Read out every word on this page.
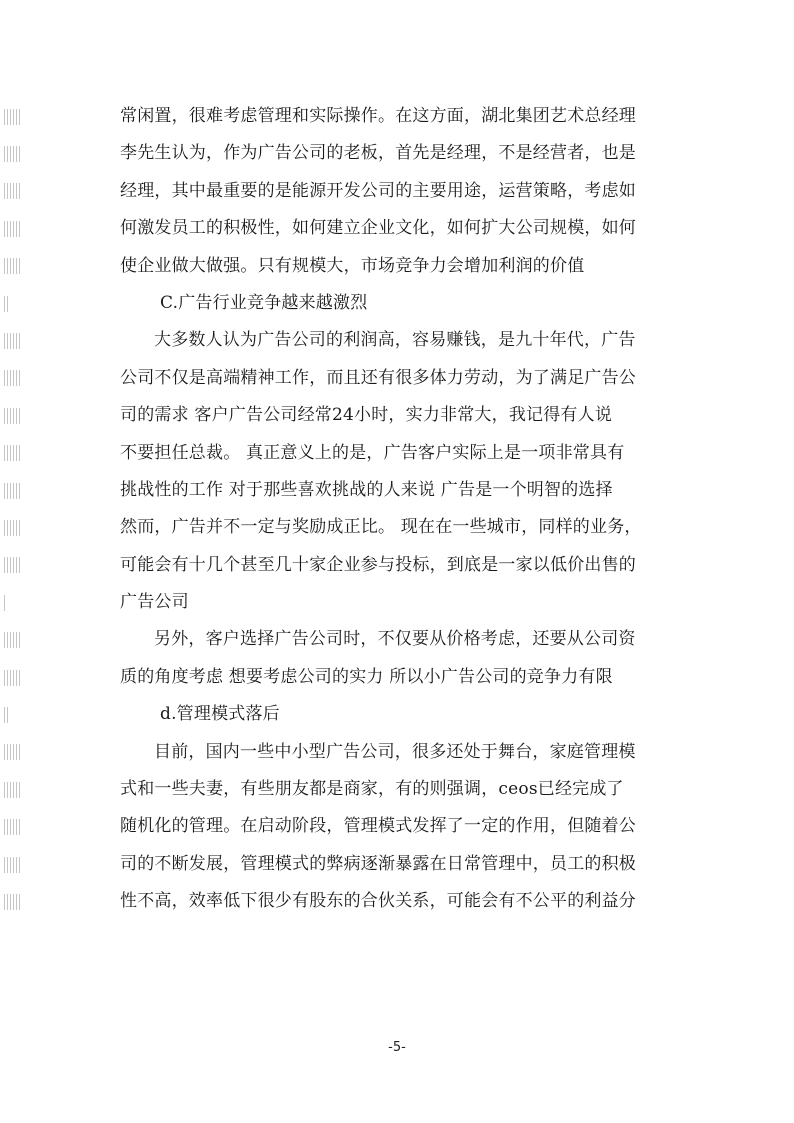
常闲置，很难考虑管理和实际操作。在这方面，湖北集团艺术总经理
李先生认为，作为广告公司的老板，首先是经理，不是经营者，也是
经理，其中最重要的是能源开发公司的主要用途，运营策略，考虑如
何激发员工的积极性，如何建立企业文化，如何扩大公司规模，如何
使企业做大做强。只有规模大，市场竞争力会增加利润的价值
C.广告行业竞争越来越激烈
大多数人认为广告公司的利润高，容易赚钱，是九十年代，广告
公司不仅是高端精神工作，而且还有很多体力劳动，为了满足广告公
司的需求 客户广告公司经常24小时，实力非常大，我记得有人说
不要担任总裁。 真正意义上的是，广告客户实际上是一项非常具有
挑战性的工作 对于那些喜欢挑战的人来说 广告是一个明智的选择
然而，广告并不一定与奖励成正比。 现在在一些城市，同样的业务，
可能会有十几个甚至几十家企业参与投标，到底是一家以低价出售的
广告公司
另外，客户选择广告公司时，不仅要从价格考虑，还要从公司资
质的角度考虑 想要考虑公司的实力 所以小广告公司的竞争力有限
d.管理模式落后
目前，国内一些中小型广告公司，很多还处于舞台，家庭管理模
式和一些夫妻，有些朋友都是商家，有的则强调，ceos已经完成了
随机化的管理。在启动阶段，管理模式发挥了一定的作用，但随着公
司的不断发展，管理模式的弊病逐渐暴露在日常管理中，员工的积极
性不高，效率低下很少有股东的合伙关系，可能会有不公平的利益分
-5-
